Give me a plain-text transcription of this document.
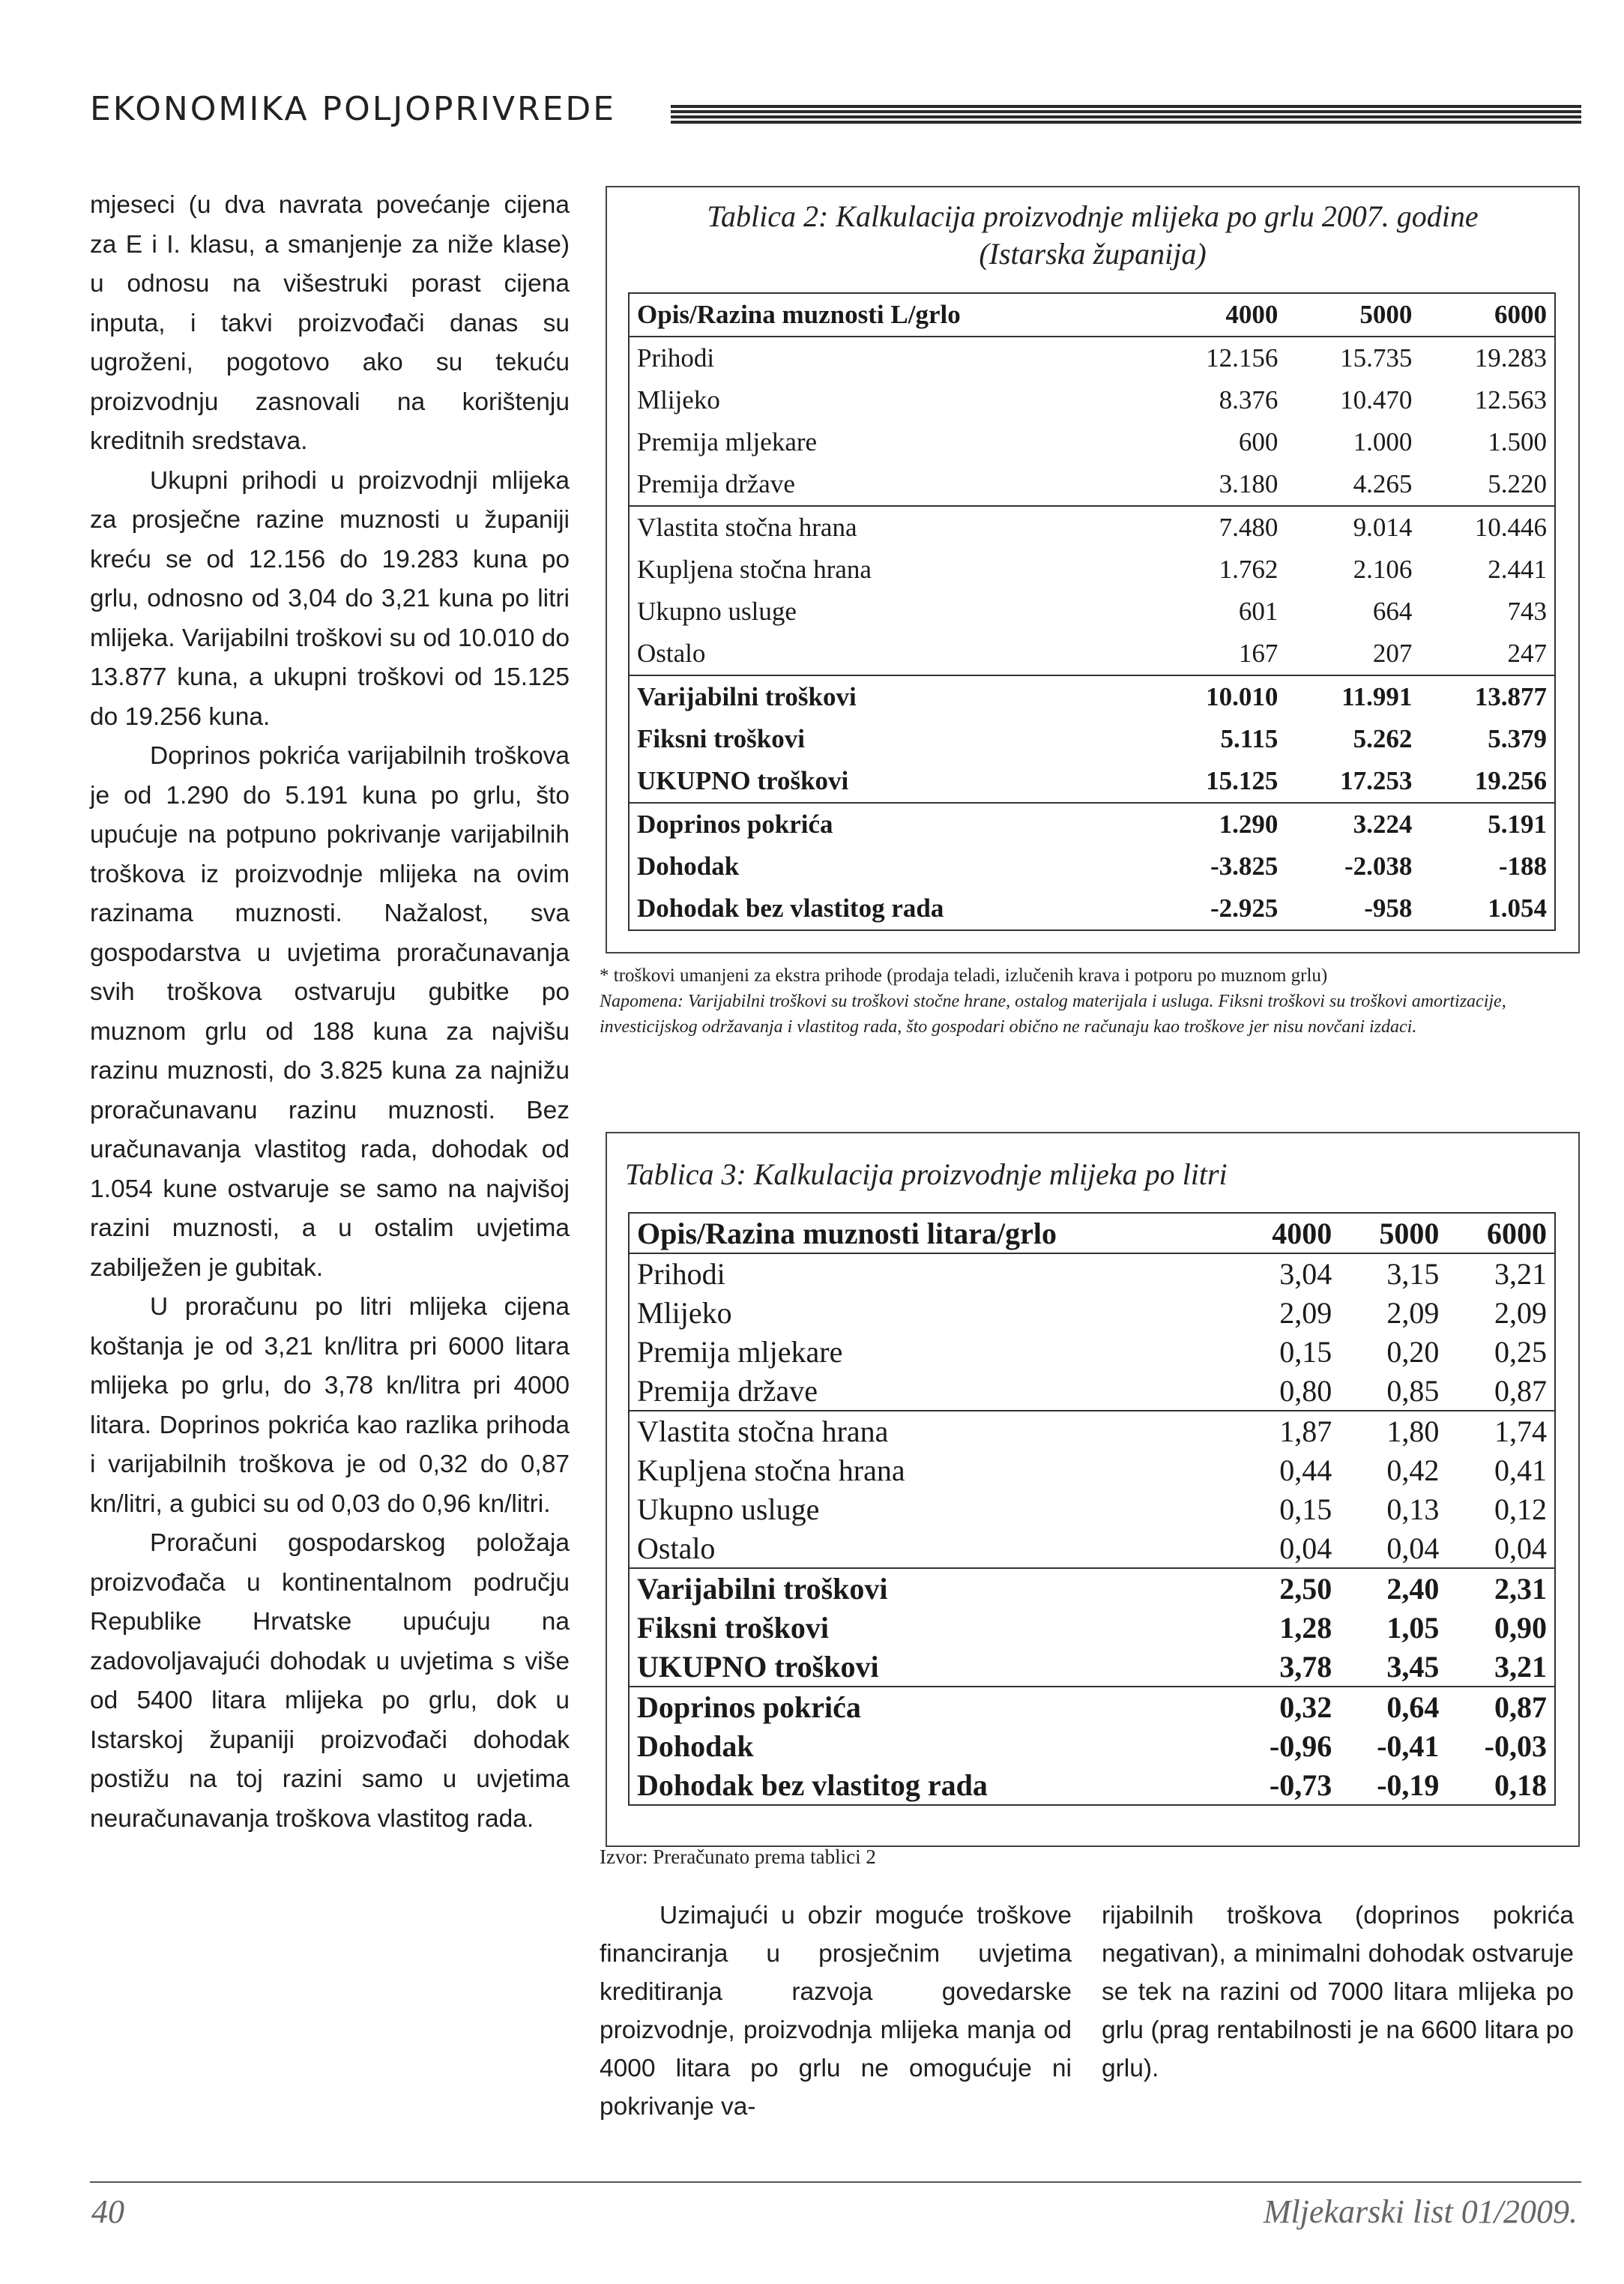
EKONOMIKA POLJOPRIVREDE

mjeseci (u dva navrata povećanje cijena za E i I. klasu, a smanjenje za niže klase) u odnosu na višestruki porast cijena inputa, i takvi proizvođači danas su ugroženi, pogotovo ako su tekuću proizvodnju zasnovali na korištenju kreditnih sredstava.

Ukupni prihodi u proizvodnji mlijeka za prosječne razine muznosti u županiji kreću se od 12.156 do 19.283 kuna po grlu, odnosno od 3,04 do 3,21 kuna po litri mlijeka. Varijabilni troškovi su od 10.010 do 13.877 kuna, a ukupni troškovi od 15.125 do 19.256 kuna.

Doprinos pokrića varijabilnih troškova je od 1.290 do 5.191 kuna po grlu, što upućuje na potpuno pokrivanje varijabilnih troškova iz proizvodnje mlijeka na ovim razinama muznosti. Nažalost, sva gospodarstva u uvjetima proračunavanja svih troškova ostvaruju gubitke po muznom grlu od 188 kuna za najvišu razinu muznosti, do 3.825 kuna za najnižu proračunavanu razinu muznosti. Bez uračunavanja vlastitog rada, dohodak od 1.054 kune ostvaruje se samo na najvišoj razini muznosti, a u ostalim uvjetima zabilježen je gubitak.

U proračunu po litri mlijeka cijena koštanja je od 3,21 kn/litra pri 6000 litara mlijeka po grlu, do 3,78 kn/litra pri 4000 litara. Doprinos pokrića kao razlika prihoda i varijabilnih troškova je od 0,32 do 0,87 kn/litri, a gubici su od 0,03 do 0,96 kn/litri.

Proračuni gospodarskog položaja proizvođača u kontinentalnom području Republike Hrvatske upućuju na zadovoljavajući dohodak u uvjetima s više od 5400 litara mlijeka po grlu, dok u Istarskoj županiji proizvođači dohodak postižu na toj razini samo u uvjetima neuračunavanja troškova vlastitog rada.

Tablica 2: Kalkulacija proizvodnje mlijeka po grlu 2007. godine
(Istarska županija)
Opis/Razina muznosti L/grlo	4000	5000	6000
Prihodi	12.156	15.735	19.283
Mlijeko	8.376	10.470	12.563
Premija mljekare	600	1.000	1.500
Premija države	3.180	4.265	5.220
Vlastita stočna hrana	7.480	9.014	10.446
Kupljena stočna hrana	1.762	2.106	2.441
Ukupno usluge	601	664	743
Ostalo	167	207	247
Varijabilni troškovi	10.010	11.991	13.877
Fiksni troškovi	5.115	5.262	5.379
UKUPNO troškovi	15.125	17.253	19.256
Doprinos pokrića	1.290	3.224	5.191
Dohodak	-3.825	-2.038	-188
Dohodak bez vlastitog rada	-2.925	-958	1.054

* troškovi umanjeni za ekstra prihode (prodaja teladi, izlučenih krava i potporu po muznom grlu)

Napomena: Varijabilni troškovi su troškovi stočne hrane, ostalog materijala i usluga. Fiksni troškovi su troškovi amortizacije, investicijskog održavanja i vlastitog rada, što gospodari obično ne računaju kao troškove jer nisu novčani izdaci.

Tablica 3: Kalkulacija proizvodnje mlijeka po litri
Opis/Razina muznosti litara/grlo	4000	5000	6000
Prihodi	3,04	3,15	3,21
Mlijeko	2,09	2,09	2,09
Premija mljekare	0,15	0,20	0,25
Premija države	0,80	0,85	0,87
Vlastita stočna hrana	1,87	1,80	1,74
Kupljena stočna hrana	0,44	0,42	0,41
Ukupno usluge	0,15	0,13	0,12
Ostalo	0,04	0,04	0,04
Varijabilni troškovi	2,50	2,40	2,31
Fiksni troškovi	1,28	1,05	0,90
UKUPNO troškovi	3,78	3,45	3,21
Doprinos pokrića	0,32	0,64	0,87
Dohodak	-0,96	-0,41	-0,03
Dohodak bez vlastitog rada	-0,73	-0,19	0,18
Izvor: Preračunato prema tablici 2

Uzimajući u obzir moguće troškove financiranja u prosječnim uvjetima kreditiranja razvoja govedarske proizvodnje, proizvodnja mlijeka manja od 4000 litara po grlu ne omogućuje ni pokrivanje va-

rijabilnih troškova (doprinos pokrića negativan), a minimalni dohodak ostvaruje se tek na razini od 7000 litara mlijeka po grlu (prag rentabilnosti je na 6600 litara po grlu).

40	Mljekarski list 01/2009.
